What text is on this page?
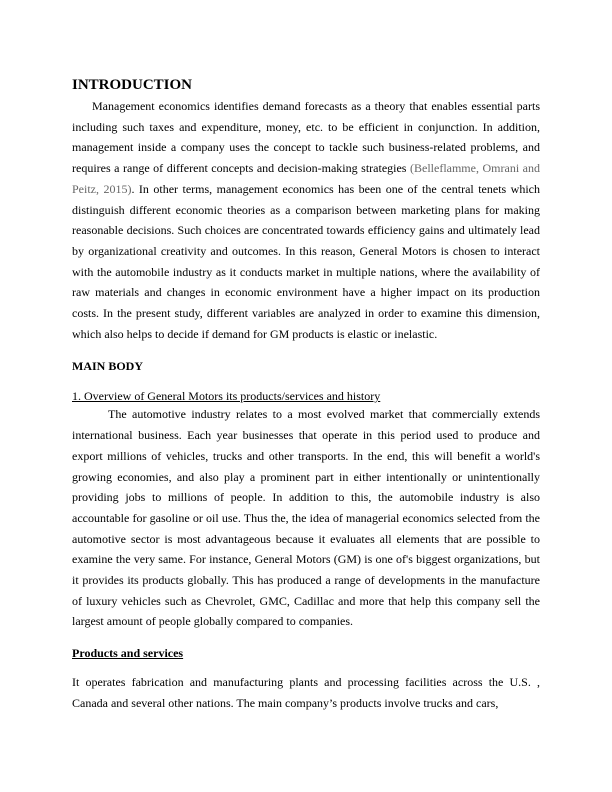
INTRODUCTION

Management economics identifies demand forecasts as a theory that enables essential parts including such taxes and expenditure, money, etc. to be efficient in conjunction. In addition, management inside a company uses the concept to tackle such business-related problems, and requires a range of different concepts and decision-making strategies (Belleflamme, Omrani and Peitz, 2015). In other terms, management economics has been one of the central tenets which distinguish different economic theories as a comparison between marketing plans for making reasonable decisions. Such choices are concentrated towards efficiency gains and ultimately lead by organizational creativity and outcomes. In this reason, General Motors is chosen to interact with the automobile industry as it conducts market in multiple nations, where the availability of raw materials and changes in economic environment have a higher impact on its production costs. In the present study, different variables are analyzed in order to examine this dimension, which also helps to decide if demand for GM products is elastic or inelastic.

MAIN BODY
1. Overview of General Motors its products/services and history

The automotive industry relates to a most evolved market that commercially extends international business. Each year businesses that operate in this period used to produce and export millions of vehicles, trucks and other transports. In the end, this will benefit a world's growing economies, and also play a prominent part in either intentionally or unintentionally providing jobs to millions of people. In addition to this, the automobile industry is also accountable for gasoline or oil use. Thus the, the idea of managerial economics selected from the automotive sector is most advantageous because it evaluates all elements that are possible to examine the very same. For instance, General Motors (GM) is one of's biggest organizations, but it provides its products globally. This has produced a range of developments in the manufacture of luxury vehicles such as Chevrolet, GMC, Cadillac and more that help this company sell the largest amount of people globally compared to companies.

Products and services

It operates fabrication and manufacturing plants and processing facilities across the U.S. , Canada and several other nations. The main company’s products involve trucks and cars,
